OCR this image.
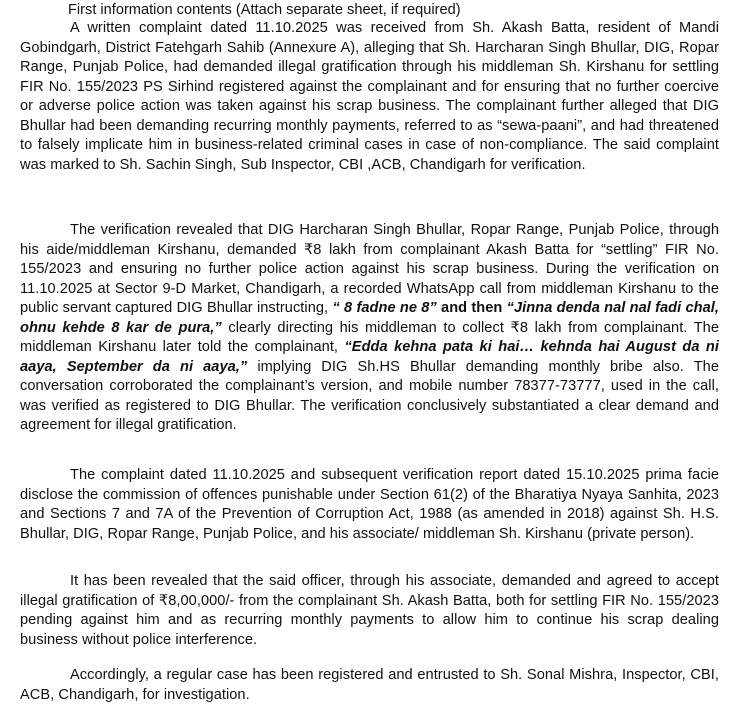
First information contents (Attach separate sheet, if required)

A written complaint dated 11.10.2025 was received from Sh. Akash Batta, resident of Mandi Gobindgarh, District Fatehgarh Sahib (Annexure A), alleging that Sh. Harcharan Singh Bhullar, DIG, Ropar Range, Punjab Police, had demanded illegal gratification through his middleman Sh. Kirshanu for settling FIR No. 155/2023 PS Sirhind registered against the complainant and for ensuring that no further coercive or adverse police action was taken against his scrap business. The complainant further alleged that DIG Bhullar had been demanding recurring monthly payments, referred to as “sewa-paani”, and had threatened to falsely implicate him in business-related criminal cases in case of non-compliance. The said complaint was marked to Sh. Sachin Singh, Sub Inspector, CBI ,ACB, Chandigarh for verification.

The verification revealed that DIG Harcharan Singh Bhullar, Ropar Range, Punjab Police, through his aide/middleman Kirshanu, demanded ₹8 lakh from complainant Akash Batta for “settling” FIR No. 155/2023 and ensuring no further police action against his scrap business. During the verification on 11.10.2025 at Sector 9-D Market, Chandigarh, a recorded WhatsApp call from middleman Kirshanu to the public servant captured DIG Bhullar instructing, “ 8 fadne ne 8” and then “Jinna denda nal nal fadi chal, ohnu kehde 8 kar de pura,” clearly directing his middleman to collect ₹8 lakh from complainant. The middleman Kirshanu later told the complainant, “Edda kehna pata ki hai… kehnda hai August da ni aaya, September da ni aaya,” implying DIG Sh.HS Bhullar demanding monthly bribe also. The conversation corroborated the complainant’s version, and mobile number 78377-73777, used in the call, was verified as registered to DIG Bhullar. The verification conclusively substantiated a clear demand and agreement for illegal gratification.

The complaint dated 11.10.2025 and subsequent verification report dated 15.10.2025 prima facie disclose the commission of offences punishable under Section 61(2) of the Bharatiya Nyaya Sanhita, 2023 and Sections 7 and 7A of the Prevention of Corruption Act, 1988 (as amended in 2018) against Sh. H.S. Bhullar, DIG, Ropar Range, Punjab Police, and his associate/ middleman Sh. Kirshanu (private person).

It has been revealed that the said officer, through his associate, demanded and agreed to accept illegal gratification of ₹8,00,000/- from the complainant Sh. Akash Batta, both for settling FIR No. 155/2023 pending against him and as recurring monthly payments to allow him to continue his scrap dealing business without police interference.

Accordingly, a regular case has been registered and entrusted to Sh. Sonal Mishra, Inspector, CBI, ACB, Chandigarh, for investigation.
